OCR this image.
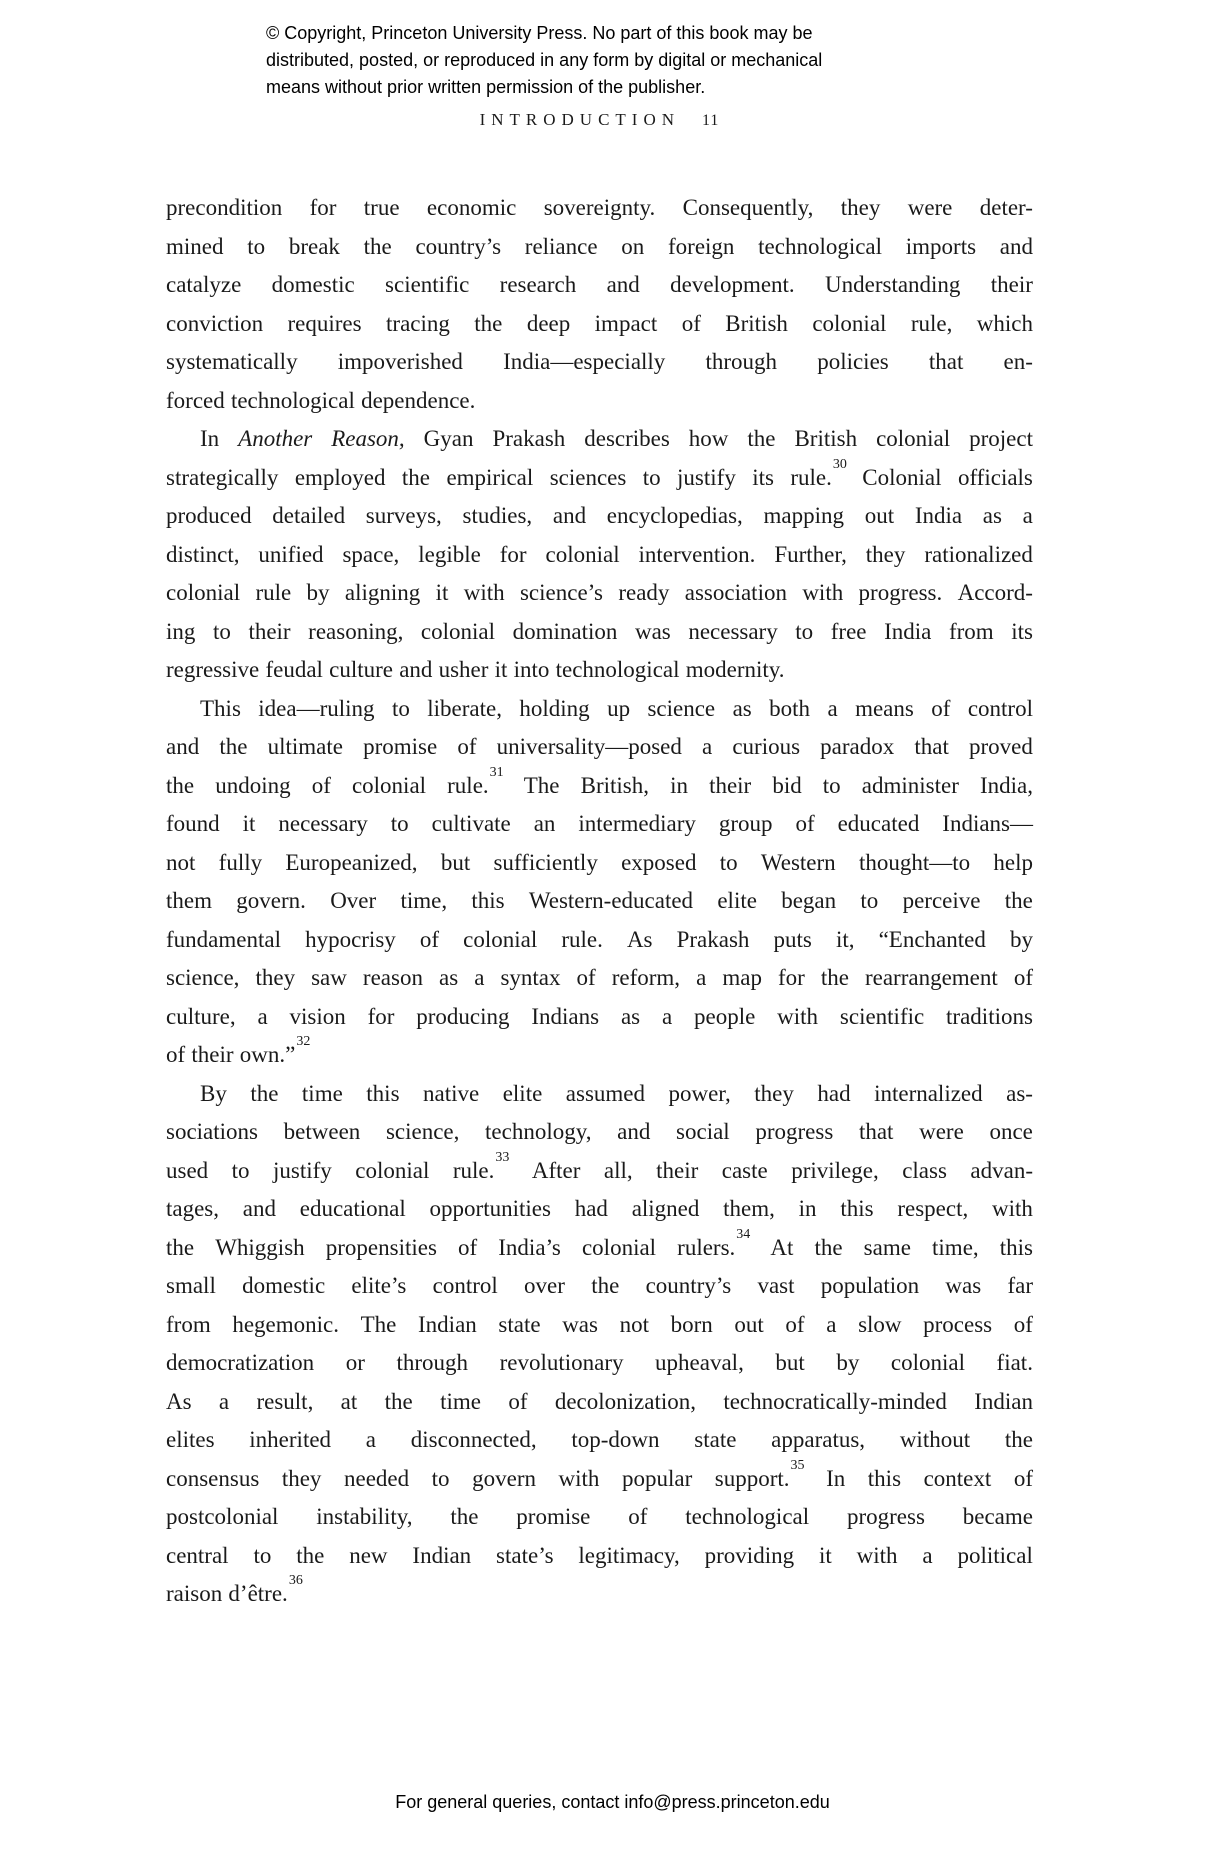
© Copyright, Princeton University Press. No part of this book may be
distributed, posted, or reproduced in any form by digital or mechanical
means without prior written permission of the publisher.
INTRODUCTION 11
precondition for true economic sovereignty. Consequently, they were deter-
mined to break the country’s reliance on foreign technological imports and
catalyze domestic scientific research and development. Understanding their
conviction requires tracing the deep impact of British colonial rule, which
systematically impoverished India—especially through policies that en-
forced technological dependence.
In Another Reason, Gyan Prakash describes how the British colonial project
strategically employed the empirical sciences to justify its rule.$^{30}$
Colonial officials
produced detailed surveys, studies, and encyclopedias, mapping out India as a
distinct, unified space, legible for colonial intervention. Further, they rationalized
colonial rule by aligning it with science’s ready association with progress. Accord-
ing to their reasoning, colonial domination was necessary to free India from its
regressive feudal culture and usher it into technological modernity.
This idea—ruling to liberate, holding up science as both a means of control
and the ultimate promise of universality—posed a curious paradox that proved
the undoing of colonial rule.$^{31}$
The British, in their bid to administer India,
found it necessary to cultivate an intermediary group of educated Indians—
not fully Europeanized, but sufficiently exposed to Western thought—to help
them govern. Over time, this Western-educated elite began to perceive the
fundamental hypocrisy of colonial rule. As Prakash puts it, “Enchanted by
science, they saw reason as a syntax of reform, a map for the rearrangement of
culture, a vision for producing Indians as a people with scientific traditions
of their own.”$^{32}$
By the time this native elite assumed power, they had internalized as-
sociations between science, technology, and social progress that were once
used to justify colonial rule.$^{33}$
After all, their caste privilege, class advan-
tages, and educational opportunities had aligned them, in this respect, with
the Whiggish propensities of India’s colonial rulers.$^{34}$
At the same time, this
small domestic elite’s control over the country’s vast population was far
from hegemonic. The Indian state was not born out of a slow process of
democratization or through revolutionary upheaval, but by colonial fiat.
As a result, at the time of decolonization, technocratically-minded Indian
elites inherited a disconnected, top-down state apparatus, without the
consensus they needed to govern with popular support.$^{35}$
In this context of
postcolonial instability, the promise of technological progress became
central to the new Indian state’s legitimacy, providing it with a political
raison d’être.$^{36}$
For general queries, contact info@press.princeton.edu
